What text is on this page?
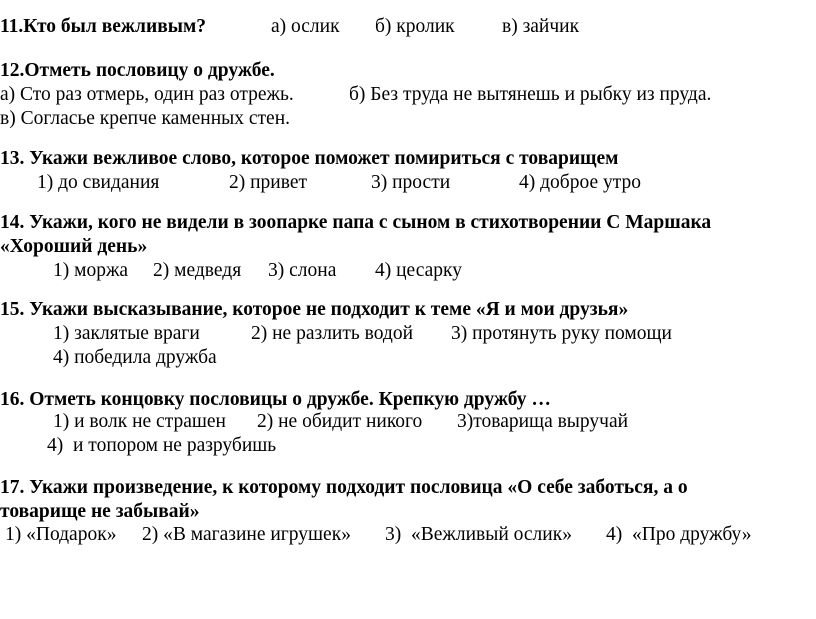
11.Кто был вежливым?	а) ослик б) кролик в) зайчик
12.Отметь пословицу о дружбе.
а) Сто раз отмерь, один раз отрежь.	б) Без труда не вытянешь и рыбку из пруда.
в) Согласье крепче каменных стен.
13. Укажи вежливое слово, которое поможет помириться с товарищем
1) до свидания	2) привет	3) прости	4) доброе утро
14. Укажи, кого не видели в зоопарке папа с сыном в стихотворении С Маршака
«Хороший день»
1) моржа 2) медведя 3) слона 4) цесарку
15. Укажи высказывание, которое не подходит к теме «Я и мои друзья»
1) заклятые враги	2) не разлить водой 3) протянуть руку помощи
4) победила дружба
16. Отметь концовку пословицы о дружбе. Крепкую дружбу …
1) и волк не страшен 2) не обидит никого 3)товарища выручай
4)  и топором не разрубишь
17. Укажи произведение, к которому подходит пословица «О себе заботься, а о
товарище не забывай»
1) «Подарок» 2) «В магазине игрушек» 3)  «Вежливый ослик» 4)  «Про дружбу»
